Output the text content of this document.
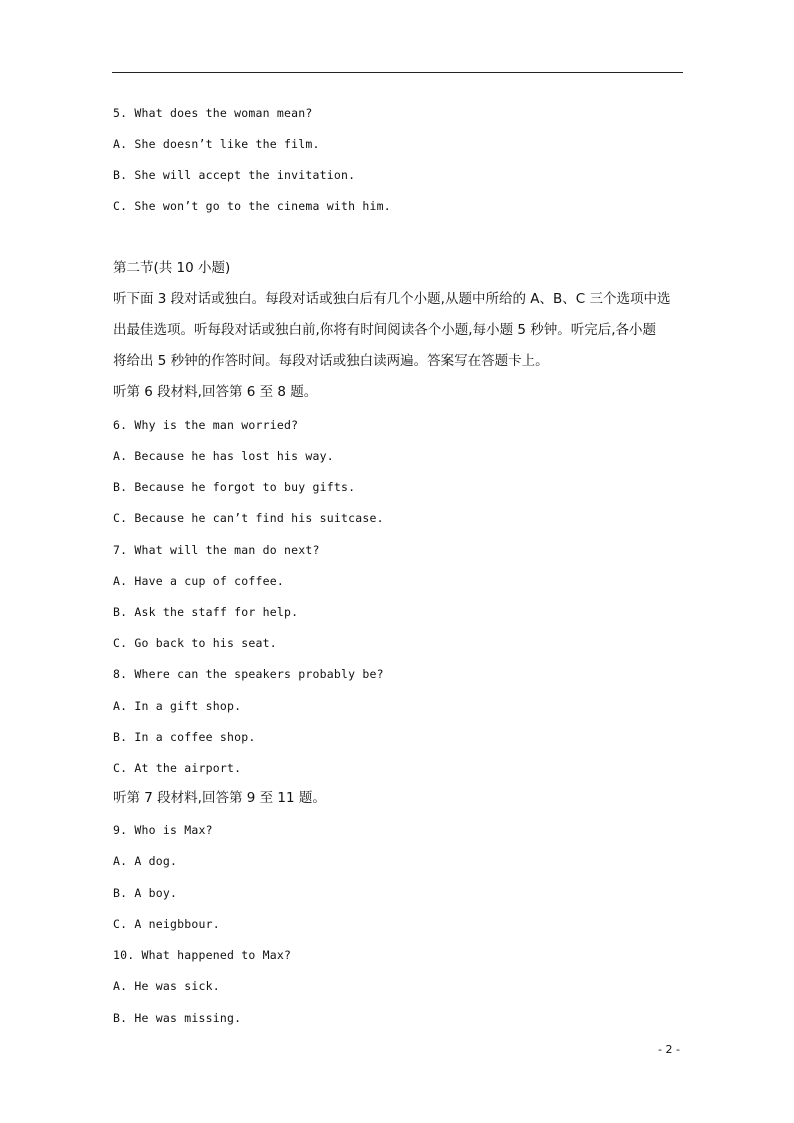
5. What does the woman mean?
A. She doesn’t like the film.
B. She will accept the invitation.
C. She won’t go to the cinema with him.
第二节(共 10 小题)
听下面 3 段对话或独白。每段对话或独白后有几个小题,从题中所给的 A、B、C 三个选项中选
出最佳选项。听每段对话或独白前,你将有时间阅读各个小题,每小题 5 秒钟。听完后,各小题
将给出 5 秒钟的作答时间。每段对话或独白读两遍。答案写在答题卡上。
听第 6 段材料,回答第 6 至 8 题。
6. Why is the man worried?
A. Because he has lost his way.
B. Because he forgot to buy gifts.
C. Because he can’t find his suitcase.
7. What will the man do next?
A. Have a cup of coffee.
B. Ask the staff for help.
C. Go back to his seat.
8. Where can the speakers probably be?
A. In a gift shop.
B. In a coffee shop.
C. At the airport.
听第 7 段材料,回答第 9 至 11 题。
9. Who is Max?
A. A dog.
B. A boy.
C. A neigbbour.
10. What happened to Max?
A. He was sick.
B. He was missing.
- 2 -
